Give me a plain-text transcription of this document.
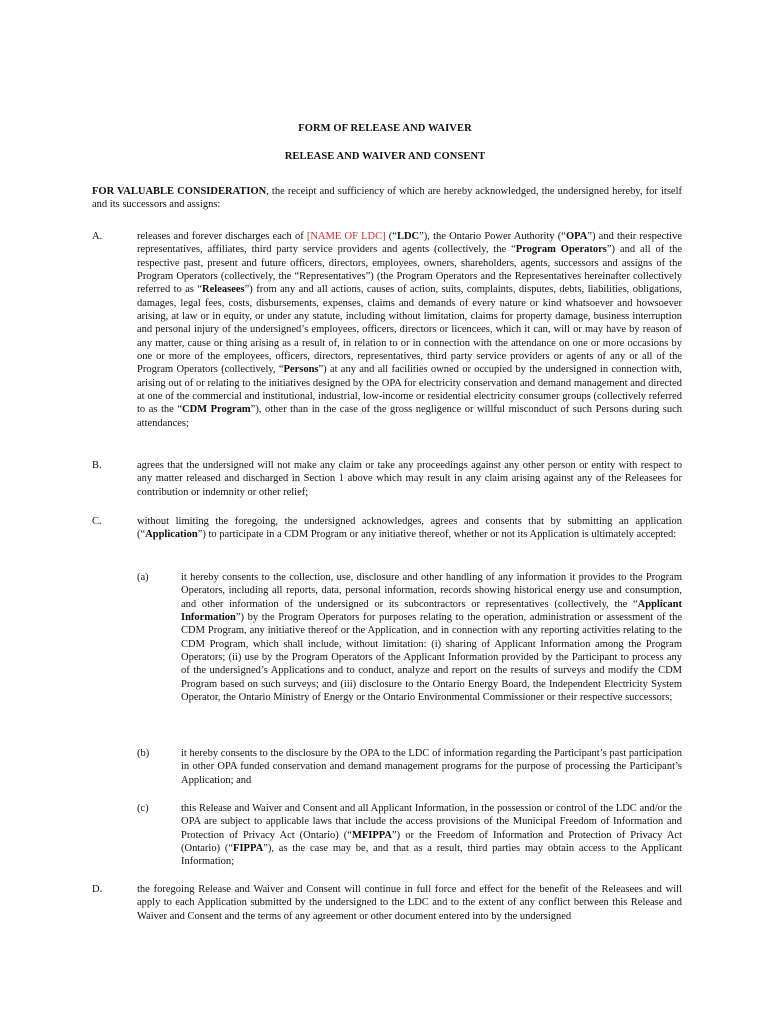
FORM OF RELEASE AND WAIVER
RELEASE AND WAIVER AND CONSENT
FOR VALUABLE CONSIDERATION, the receipt and sufficiency of which are hereby acknowledged, the undersigned hereby, for itself and its successors and assigns:
A.	releases and forever discharges each of [NAME OF LDC] (“LDC”), the Ontario Power Authority (“OPA”) and their respective representatives, affiliates, third party service providers and agents (collectively, the “Program Operators”) and all of the respective past, present and future officers, directors, employees, owners, shareholders, agents, successors and assigns of the Program Operators (collectively, the “Representatives”) (the Program Operators and the Representatives hereinafter collectively referred to as “Releasees”) from any and all actions, causes of action, suits, complaints, disputes, debts, liabilities, obligations, damages, legal fees, costs, disbursements, expenses, claims and demands of every nature or kind whatsoever and howsoever arising, at law or in equity, or under any statute, including without limitation, claims for property damage, business interruption and personal injury of the undersigned’s employees, officers, directors or licencees, which it can, will or may have by reason of any matter, cause or thing arising as a result of, in relation to or in connection with the attendance on one or more occasions by one or more of the employees, officers, directors, representatives, third party service providers or agents of any or all of the Program Operators (collectively, “Persons”) at any and all facilities owned or occupied by the undersigned in connection with, arising out of or relating to the initiatives designed by the OPA for electricity conservation and demand management and directed at one of the commercial and institutional, industrial, low-income or residential electricity consumer groups (collectively referred to as the “CDM Program”), other than in the case of the gross negligence or willful misconduct of such Persons during such attendances;
B.	agrees that the undersigned will not make any claim or take any proceedings against any other person or entity with respect to any matter released and discharged in Section 1 above which may result in any claim arising against any of the Releasees for contribution or indemnity or other relief;
C.	without limiting the foregoing, the undersigned acknowledges, agrees and consents that by submitting an application (“Application”) to participate in a CDM Program or any initiative thereof, whether or not its Application is ultimately accepted:
(a)	it hereby consents to the collection, use, disclosure and other handling of any information it provides to the Program Operators, including all reports, data, personal information, records showing historical energy use and consumption, and other information of the undersigned or its subcontractors or representatives (collectively, the “Applicant Information”) by the Program Operators for purposes relating to the operation, administration or assessment of the CDM Program, any initiative thereof or the Application, and in connection with any reporting activities relating to the CDM Program, which shall include, without limitation: (i) sharing of Applicant Information among the Program Operators; (ii) use by the Program Operators of the Applicant Information provided by the Participant to process any of the undersigned’s Applications and to conduct, analyze and report on the results of surveys and modify the CDM Program based on such surveys; and (iii) disclosure to the Ontario Energy Board, the Independent Electricity System Operator, the Ontario Ministry of Energy or the Ontario Environmental Commissioner or their respective successors;
(b)	it hereby consents to the disclosure by the OPA to the LDC of information regarding the Participant’s past participation in other OPA funded conservation and demand management programs for the purpose of processing the Participant’s Application; and
(c)	this Release and Waiver and Consent and all Applicant Information, in the possession or control of the LDC and/or the OPA are subject to applicable laws that include the access provisions of the Municipal Freedom of Information and Protection of Privacy Act (Ontario) (“MFIPPA”) or the Freedom of Information and Protection of Privacy Act (Ontario) (“FIPPA”), as the case may be, and that as a result, third parties may obtain access to the Applicant Information;
D.	the foregoing Release and Waiver and Consent will continue in full force and effect for the benefit of the Releasees and will apply to each Application submitted by the undersigned to the LDC and to the extent of any conflict between this Release and Waiver and Consent and the terms of any agreement or other document entered into by the undersigned
